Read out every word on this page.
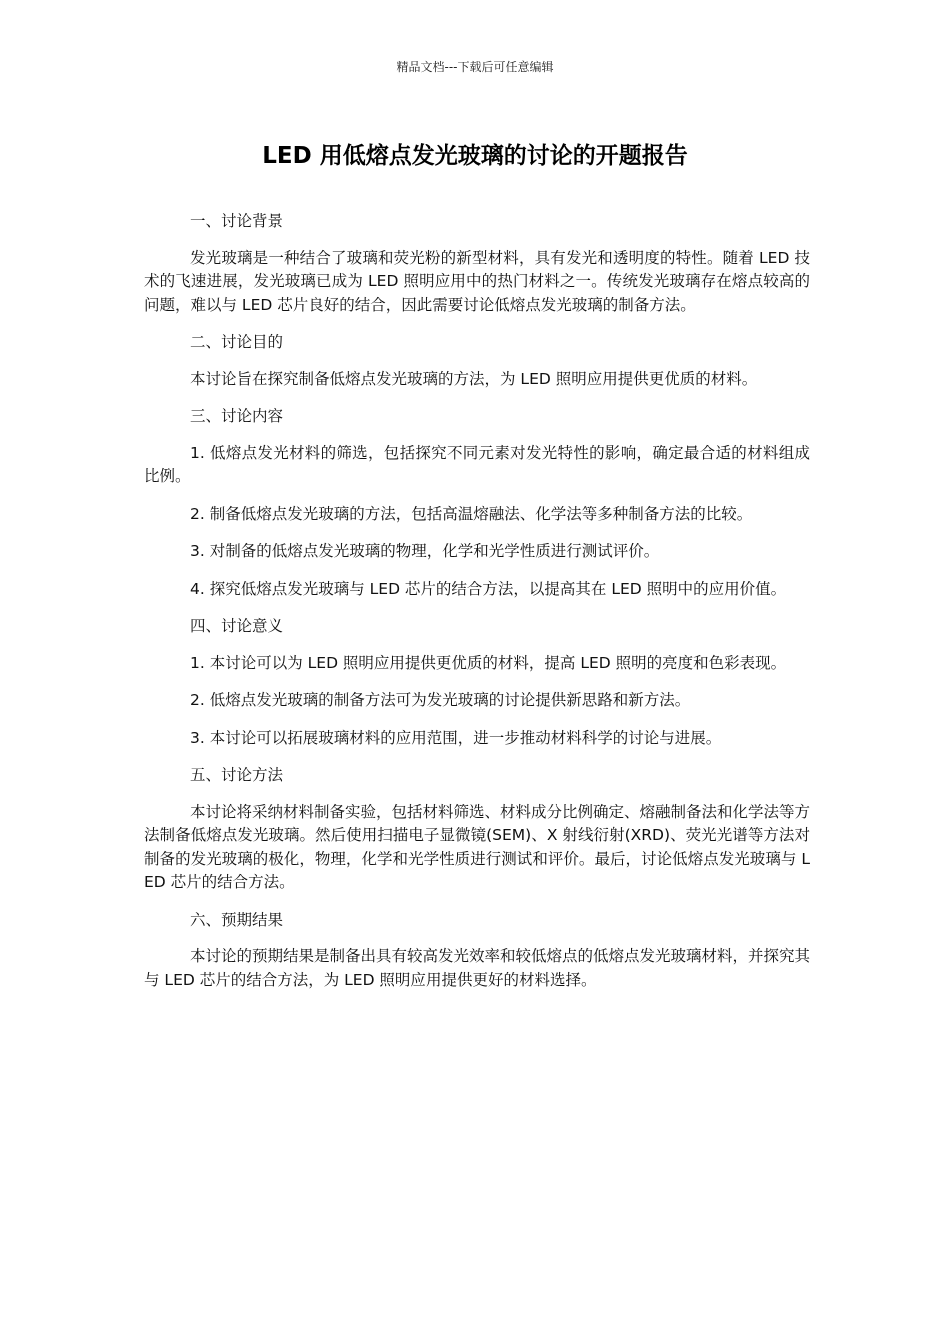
精品文档---下载后可任意编辑
LED 用低熔点发光玻璃的讨论的开题报告

一、讨论背景

发光玻璃是一种结合了玻璃和荧光粉的新型材料，具有发光和透明度的特性。随着 LED 技术的飞速进展，发光玻璃已成为 LED 照明应用中的热门材料之一。传统发光玻璃存在熔点较高的问题，难以与 LED 芯片良好的结合，因此需要讨论低熔点发光玻璃的制备方法。

二、讨论目的

本讨论旨在探究制备低熔点发光玻璃的方法，为 LED 照明应用提供更优质的材料。

三、讨论内容

1. 低熔点发光材料的筛选，包括探究不同元素对发光特性的影响，确定最合适的材料组成比例。

2. 制备低熔点发光玻璃的方法，包括高温熔融法、化学法等多种制备方法的比较。

3. 对制备的低熔点发光玻璃的物理，化学和光学性质进行测试评价。

4. 探究低熔点发光玻璃与 LED 芯片的结合方法，以提高其在 LED 照明中的应用价值。

四、讨论意义

1. 本讨论可以为 LED 照明应用提供更优质的材料，提高 LED 照明的亮度和色彩表现。

2. 低熔点发光玻璃的制备方法可为发光玻璃的讨论提供新思路和新方法。

3. 本讨论可以拓展玻璃材料的应用范围，进一步推动材料科学的讨论与进展。

五、讨论方法

本讨论将采纳材料制备实验，包括材料筛选、材料成分比例确定、熔融制备法和化学法等方法制备低熔点发光玻璃。然后使用扫描电子显微镜(SEM)、X 射线衍射(XRD)、荧光光谱等方法对制备的发光玻璃的极化，物理，化学和光学性质进行测试和评价。最后，讨论低熔点发光玻璃与 LED 芯片的结合方法。

六、预期结果

本讨论的预期结果是制备出具有较高发光效率和较低熔点的低熔点发光玻璃材料，并探究其与 LED 芯片的结合方法，为 LED 照明应用提供更好的材料选择。
